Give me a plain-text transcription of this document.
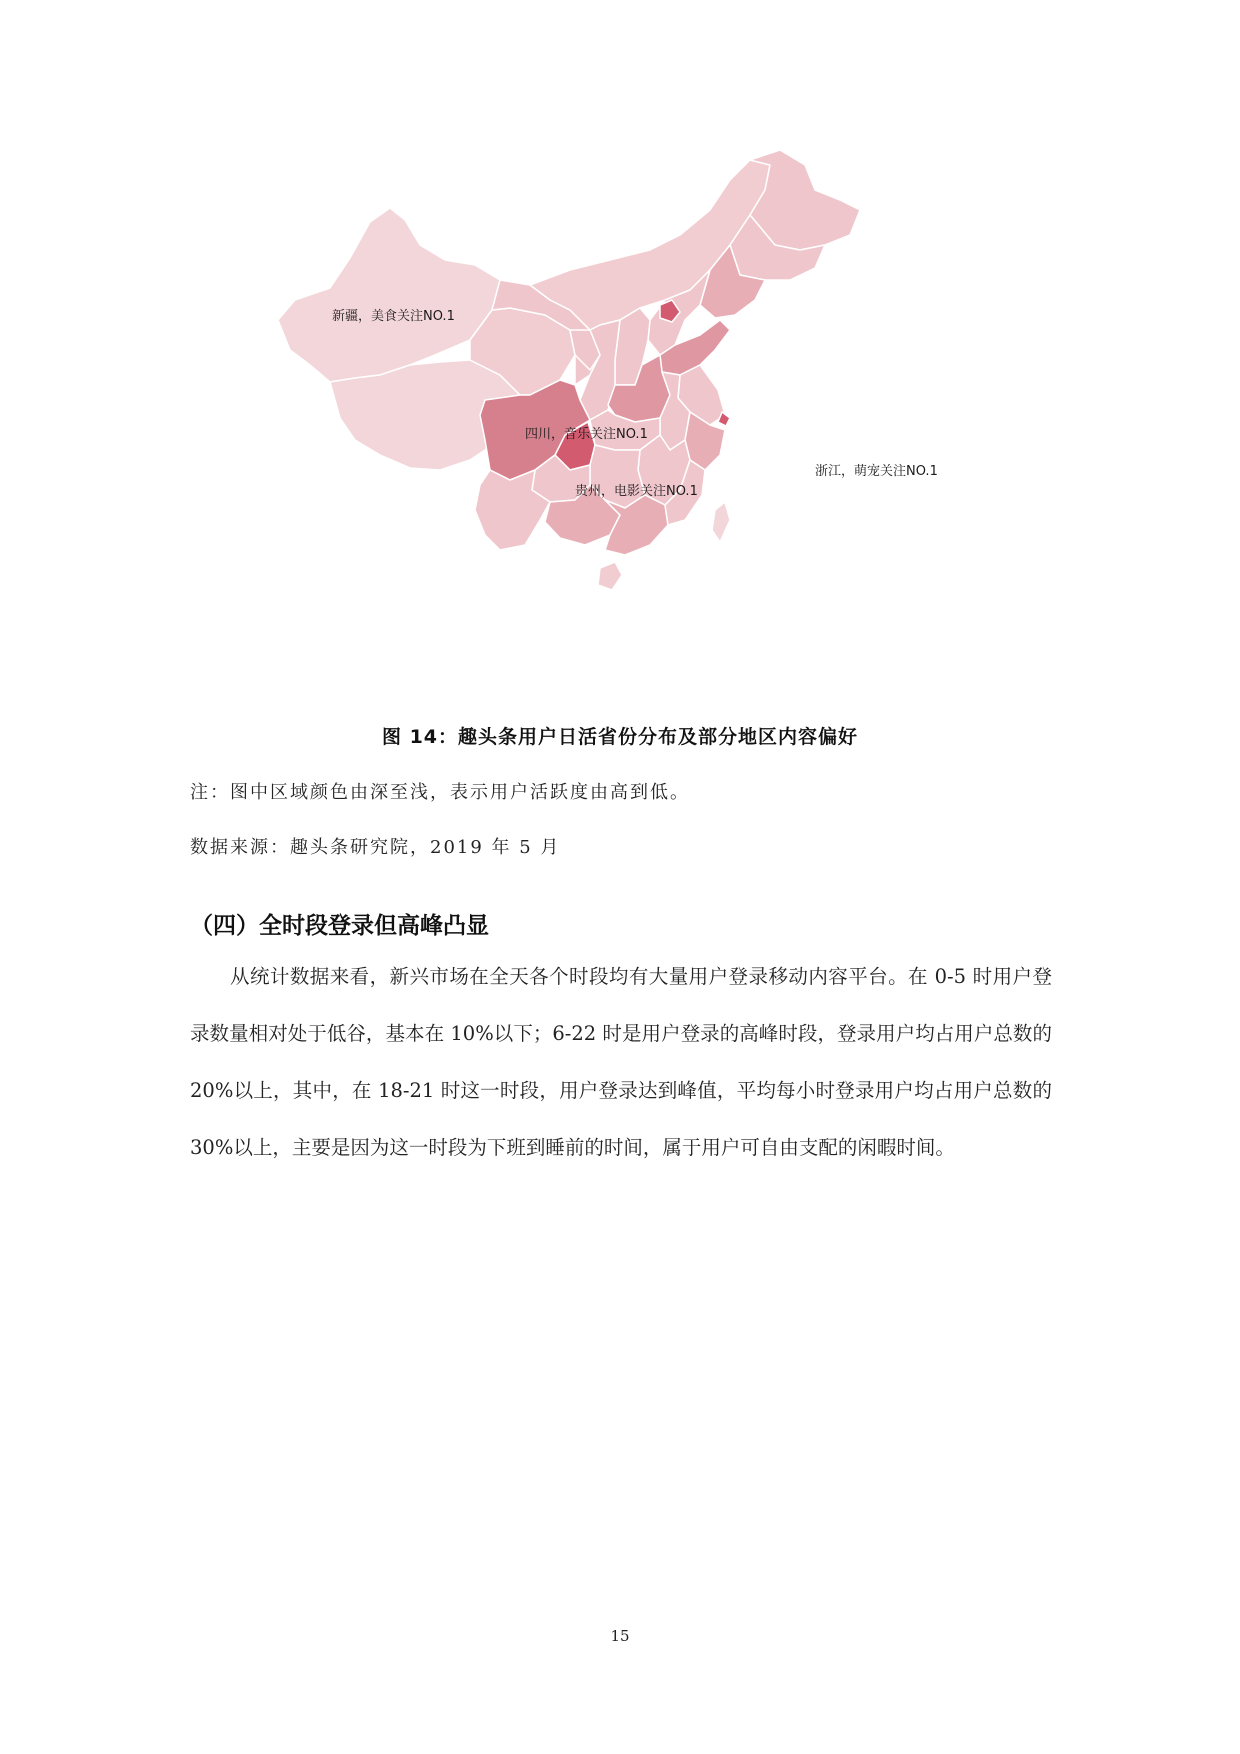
新疆，美食关注NO.1
四川，音乐关注NO.1
贵州，电影关注NO.1
浙江，萌宠关注NO.1
图 14：趣头条用户日活省份分布及部分地区内容偏好
注：图中区域颜色由深至浅，表示用户活跃度由高到低。
数据来源：趣头条研究院，2019 年 5 月
（四）全时段登录但高峰凸显
从统计数据来看，新兴市场在全天各个时段均有大量用户登录移动内容平台。在 0-5 时用户登录数量相对处于低谷，基本在 10%以下；6-22 时是用户登录的高峰时段，登录用户均占用户总数的 20%以上，其中，在 18-21 时这一时段，用户登录达到峰值，平均每小时登录用户均占用户总数的 30%以上，主要是因为这一时段为下班到睡前的时间，属于用户可自由支配的闲暇时间。
15
